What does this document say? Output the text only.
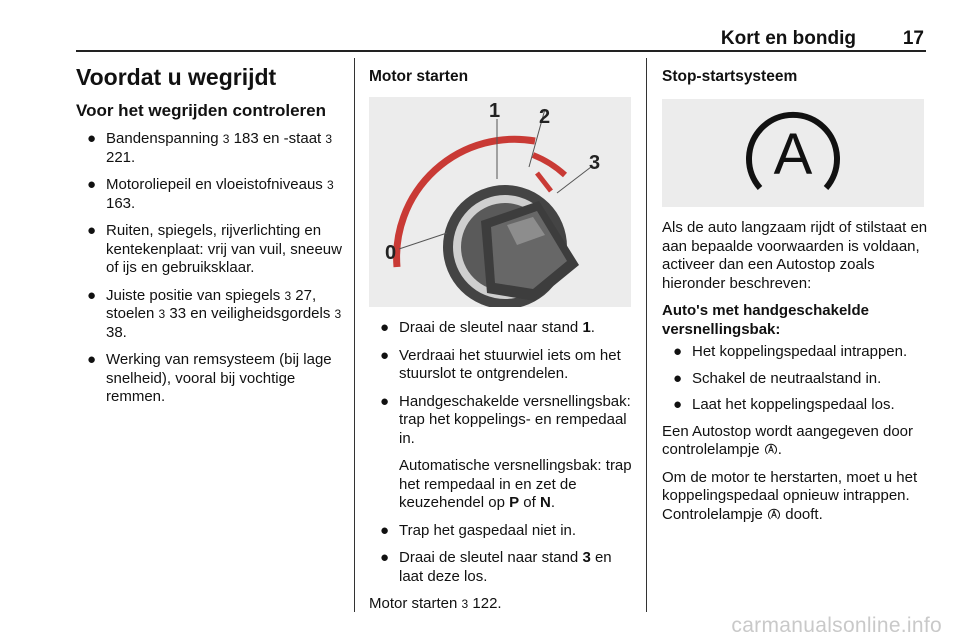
Kort en bondig 17
Voordat u wegrijdt
Voor het wegrijden controleren
● Bandenspanning 3 183 en -staat 3 221.
● Motoroliepeil en vloeistofniveaus 3 163.
● Ruiten, spiegels, rijverlichting en kentekenplaat: vrij van vuil, sneeuw of ijs en gebruiksklaar.
● Juiste positie van spiegels 3 27, stoelen 3 33 en veiligheidsgordels 3 38.
● Werking van remsysteem (bij lage snelheid), vooral bij vochtige remmen.
Motor starten
1 2
3
0
● Draai de sleutel naar stand 1.
● Verdraai het stuurwiel iets om het stuurslot te ontgrendelen.
● Handgeschakelde versnellingsbak: trap het koppelings- en rempedaal in.
Automatische versnellingsbak: trap het rempedaal in en zet de keuzehendel op P of N.
● Trap het gaspedaal niet in.
● Draai de sleutel naar stand 3 en laat deze los.
Motor starten 3 122.
Stop-startsysteem
A
Als de auto langzaam rijdt of stilstaat en aan bepaalde voorwaarden is voldaan, activeer dan een Autostop zoals hieronder beschreven:
Auto's met handgeschakelde versnellingsbak:
● Het koppelingspedaal intrappen.
● Schakel de neutraalstand in.
● Laat het koppelingspedaal los.
Een Autostop wordt aangegeven door controlelampje .
Om de motor te herstarten, moet u het koppelingspedaal opnieuw intrappen. Controlelampje  dooft.
carmanualsonline.info
